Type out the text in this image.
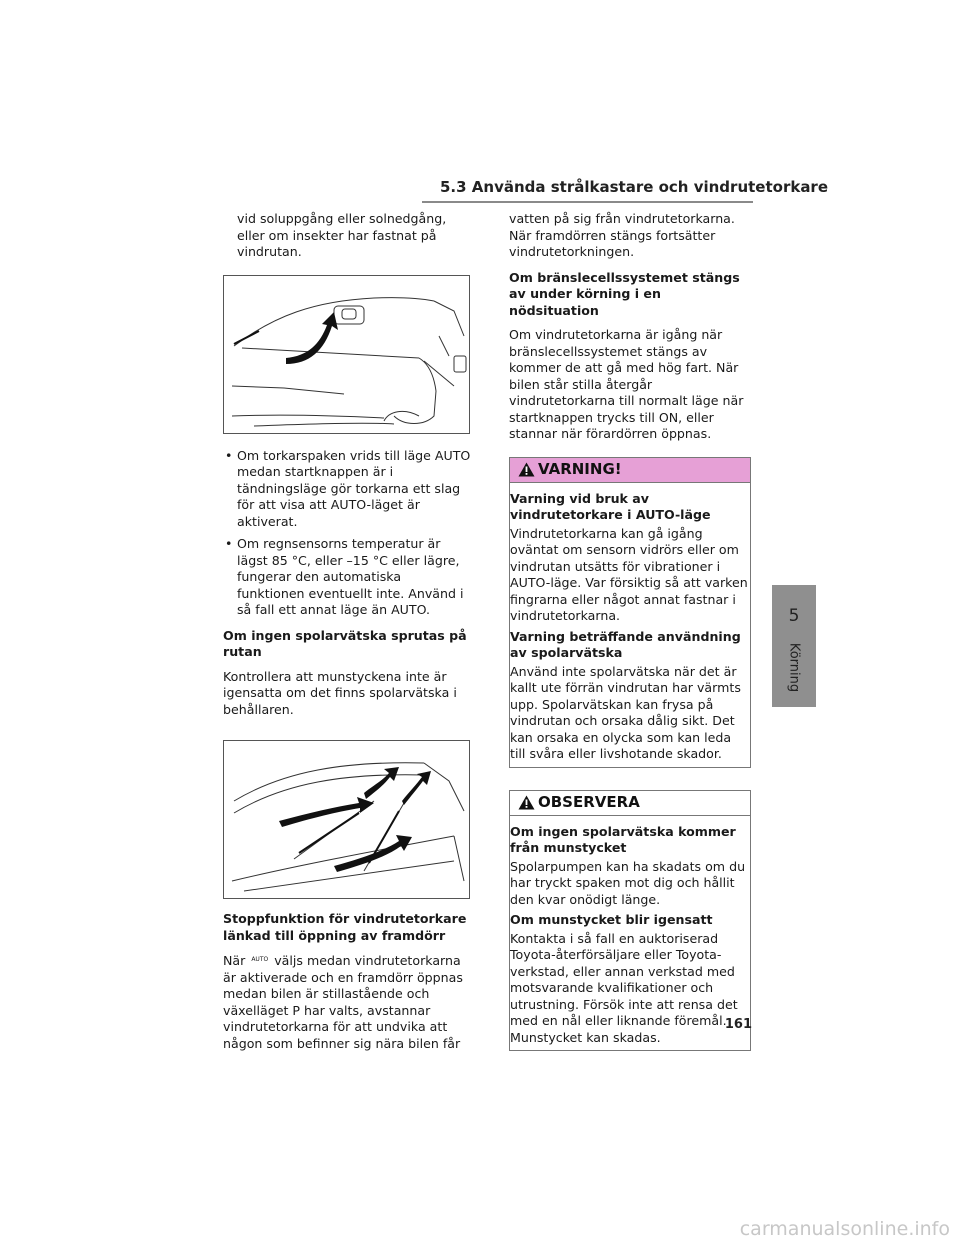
5.3 Använda strålkastare och vindrutetorkare

vid soluppgång eller solnedgång, eller om insekter har fastnat på vindrutan.

• Om torkarspaken vrids till läge AUTO medan startknappen är i tändningsläge gör torkarna ett slag för att visa att AUTO-läget är aktiverat.
• Om regnsensorns temperatur är lägst 85 °C, eller –15 °C eller lägre, fungerar den automatiska funktionen eventuellt inte. Använd i så fall ett annat läge än AUTO.
Om ingen spolarvätska sprutas på rutan

Kontrollera att munstyckena inte är igensatta om det finns spolarvätska i behållaren.

Stoppfunktion för vindrutetorkare länkad till öppning av framdörr

När $^{AUTO}$ väljs medan vindrutetorkarna är aktiverade och en framdörr öppnas medan bilen är stillastående och växelläget P har valts, avstannar vindrutetorkarna för att undvika att någon som befinner sig nära bilen får

vatten på sig från vindrutetorkarna. När framdörren stängs fortsätter vindrutetorkningen.

Om bränslecellssystemet stängs av under körning i en nödsituation

Om vindrutetorkarna är igång när bränslecellssystemet stängs av kommer de att gå med hög fart. När bilen står stilla återgår vindrutetorkarna till normalt läge när startknappen trycks till ON, eller stannar när förardörren öppnas.

VARNING!
Varning vid bruk av vindrutetorkare i AUTO-läge

Vindrutetorkarna kan gå igång oväntat om sensorn vidrörs eller om vindrutan utsätts för vibrationer i AUTO-läge. Var försiktig så att varken fingrarna eller något annat fastnar i vindrutetorkarna.

Varning beträffande användning av spolarvätska

Använd inte spolarvätska när det är kallt ute förrän vindrutan har värmts upp. Spolarvätskan kan frysa på vindrutan och orsaka dålig sikt. Det kan orsaka en olycka som kan leda till svåra eller livshotande skador.

OBSERVERA
Om ingen spolarvätska kommer från munstycket

Spolarpumpen kan ha skadats om du har tryckt spaken mot dig och hållit den kvar onödigt länge.

Om munstycket blir igensatt

Kontakta i så fall en auktoriserad Toyota-återförsäljare eller Toyota-verkstad, eller annan verkstad med motsvarande kvalifikationer och utrustning. Försök inte att rensa det med en nål eller liknande föremål. Munstycket kan skadas.

5
Körning
161
carmanualsonline.info
